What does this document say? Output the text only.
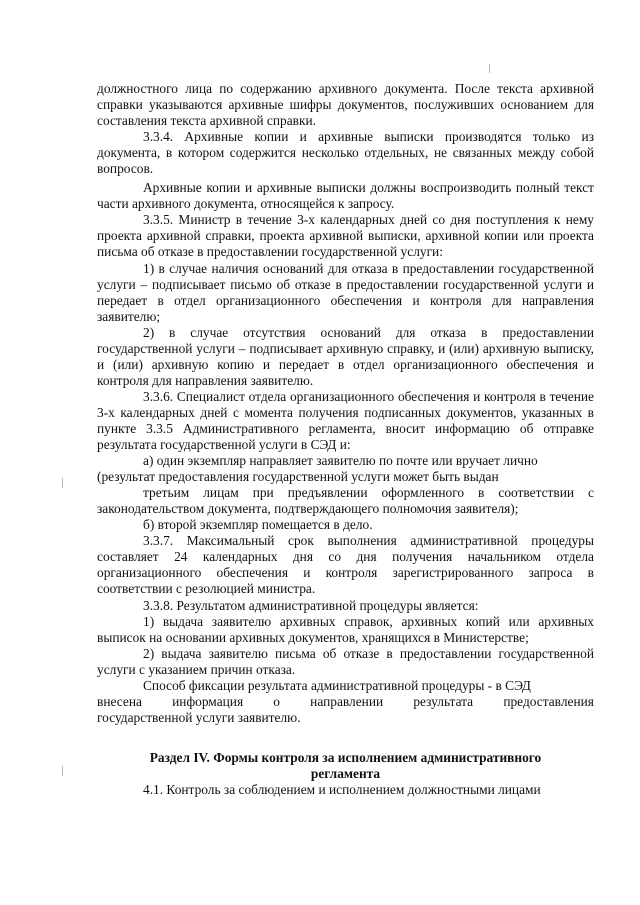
должностного лица по содержанию архивного документа. После текста архивной справки указываются архивные шифры документов, послуживших основанием для составления текста архивной справки.

3.3.4. Архивные копии и архивные выписки производятся только из документа, в котором содержится несколько отдельных, не связанных между собой вопросов.

Архивные копии и архивные выписки должны воспроизводить полный текст части архивного документа, относящейся к запросу.

3.3.5. Министр в течение 3-х календарных дней со дня поступления к нему проекта архивной справки, проекта архивной выписки, архивной копии или проекта письма об отказе в предоставлении государственной услуги:

1) в случае наличия оснований для отказа в предоставлении государственной услуги – подписывает письмо об отказе в предоставлении государственной услуги и передает в отдел организационного обеспечения и контроля для направления заявителю;

2) в случае отсутствия оснований для отказа в предоставлении государственной услуги – подписывает архивную справку, и (или) архивную выписку, и (или) архивную копию и передает в отдел организационного обеспечения и контроля для направления заявителю.

3.3.6. Специалист отдела организационного обеспечения и контроля в течение 3-х календарных дней с момента получения подписанных документов, указанных в пункте 3.3.5 Административного регламента, вносит информацию об отправке результата государственной услуги в СЭД и:

а) один экземпляр направляет заявителю по почте или вручает лично

(результат предоставления государственной услуги может быть выдан

третьим лицам при предъявлении оформленного в соответствии с законодательством документа, подтверждающего полномочия заявителя);

б) второй экземпляр помещается в дело.

3.3.7. Максимальный срок выполнения административной процедуры составляет 24 календарных дня со дня получения начальником отдела организационного обеспечения и контроля зарегистрированного запроса в соответствии с резолюцией министра.

3.3.8. Результатом административной процедуры является:

1) выдача заявителю архивных справок, архивных копий или архивных выписок на основании архивных документов, хранящихся в Министерстве;

2) выдача заявителю письма об отказе в предоставлении государственной услуги с указанием причин отказа.

Способ фиксации результата административной процедуры - в СЭД

внесена информация о направлении результата предоставления

государственной услуги заявителю.

Раздел IV. Формы контроля за исполнением административного регламента

4.1. Контроль за соблюдением и исполнением должностными лицами
